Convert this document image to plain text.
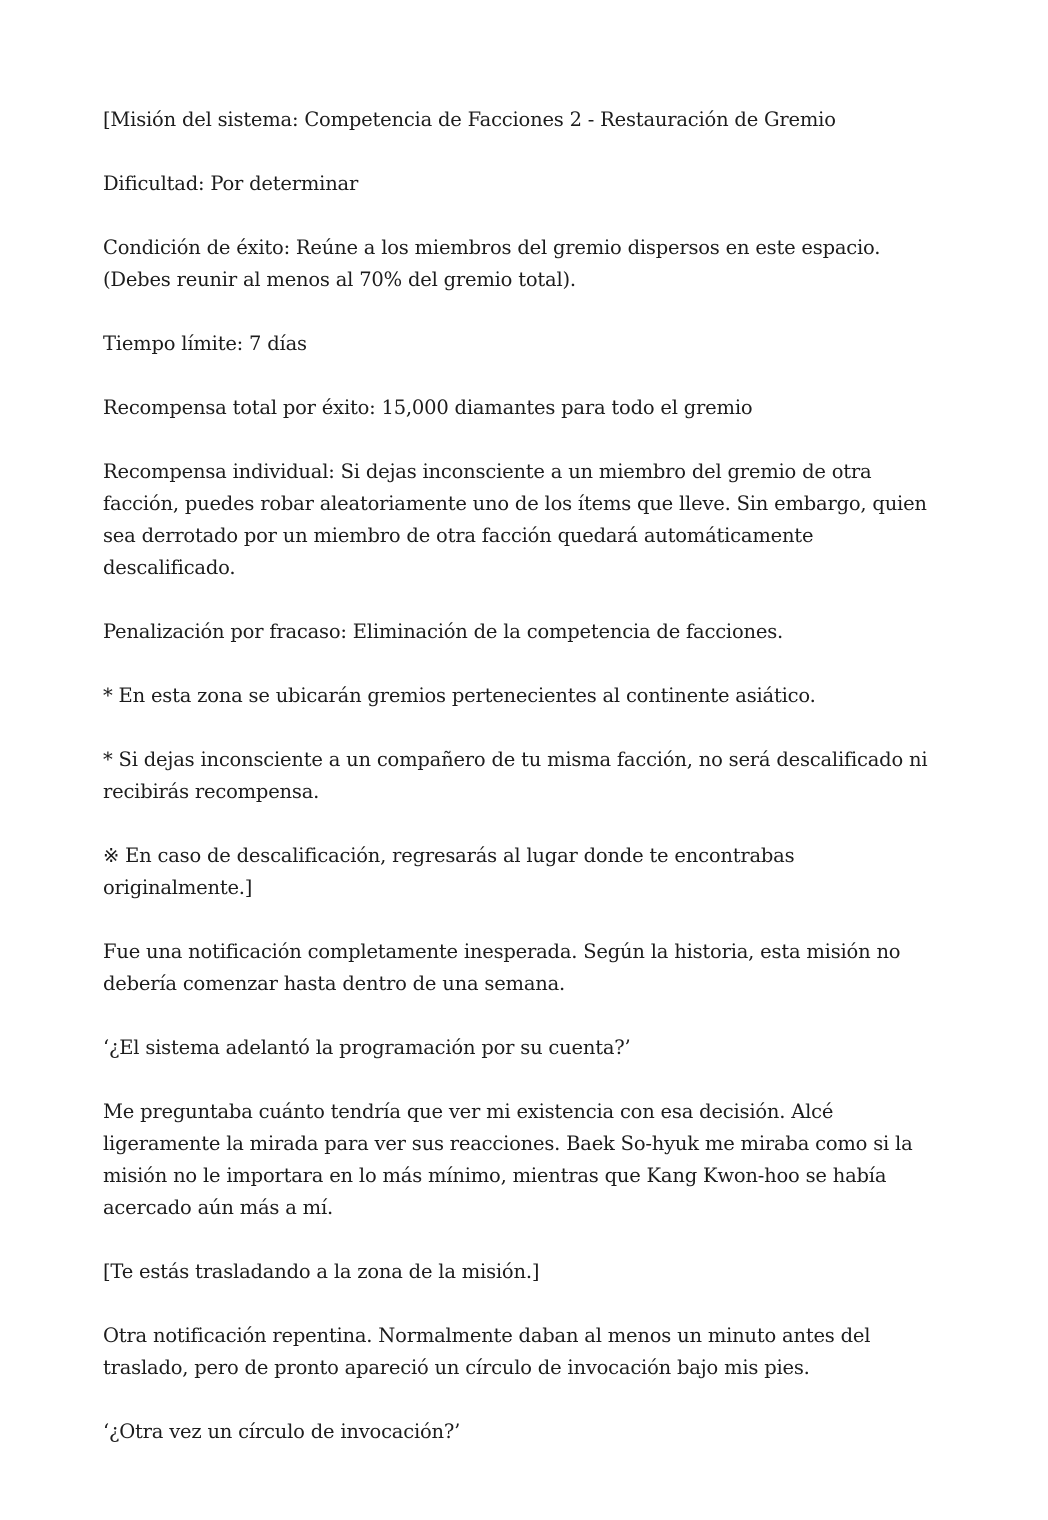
[Misión del sistema: Competencia de Facciones 2 - Restauración de Gremio

Dificultad: Por determinar

Condición de éxito: Reúne a los miembros del gremio dispersos en este espacio. (Debes reunir al menos al 70% del gremio total).

Tiempo límite: 7 días

Recompensa total por éxito: 15,000 diamantes para todo el gremio

Recompensa individual: Si dejas inconsciente a un miembro del gremio de otra facción, puedes robar aleatoriamente uno de los ítems que lleve. Sin embargo, quien sea derrotado por un miembro de otra facción quedará automáticamente descalificado.

Penalización por fracaso: Eliminación de la competencia de facciones.

* En esta zona se ubicarán gremios pertenecientes al continente asiático.

* Si dejas inconsciente a un compañero de tu misma facción, no será descalificado ni recibirás recompensa.

※ En caso de descalificación, regresarás al lugar donde te encontrabas originalmente.]

Fue una notificación completamente inesperada. Según la historia, esta misión no debería comenzar hasta dentro de una semana.

‘¿El sistema adelantó la programación por su cuenta?’

Me preguntaba cuánto tendría que ver mi existencia con esa decisión. Alcé ligeramente la mirada para ver sus reacciones. Baek So-hyuk me miraba como si la misión no le importara en lo más mínimo, mientras que Kang Kwon-hoo se había acercado aún más a mí.

[Te estás trasladando a la zona de la misión.]

Otra notificación repentina. Normalmente daban al menos un minuto antes del traslado, pero de pronto apareció un círculo de invocación bajo mis pies.

‘¿Otra vez un círculo de invocación?’
